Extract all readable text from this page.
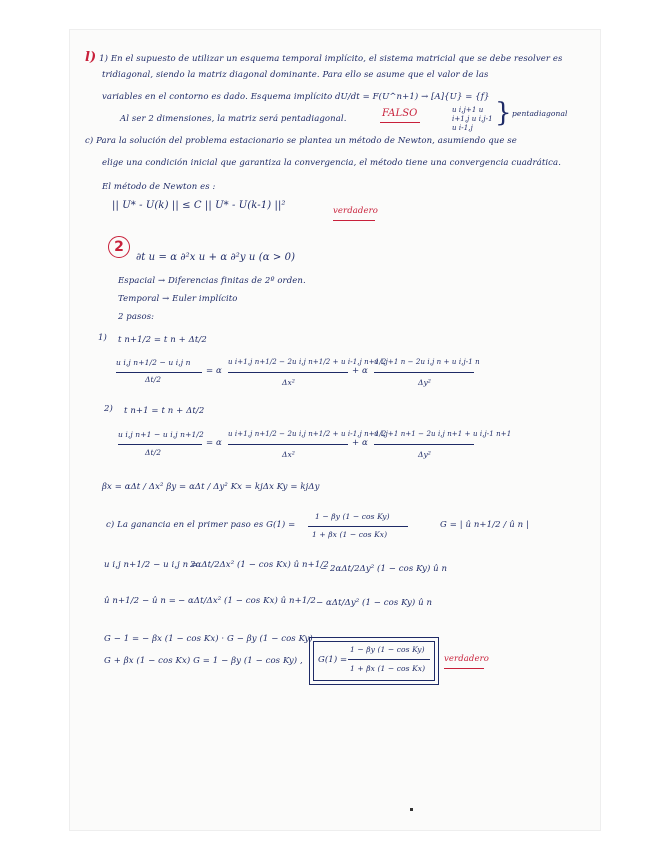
l) 1) En el supuesto de utilizar un esquema temporal implícito, el sistema matricial que se debe resolver es
tridiagonal, siendo la matriz diagonal dominante. Para ello se asume que el valor de las
variables en el contorno es dado. Esquema implícito dU/dt = F(U^n+1) → [A]{U} = {f}
Al ser 2 dimensiones, la matriz será pentadiagonal.	FALSO	u i,j+1 u i+1,j u i,j-1 u i-1,j } pentadiagonal
c) Para la solución del problema estacionario se plantea un método de Newton, asumiendo que se
elige una condición inicial que garantiza la convergencia, el método tiene una convergencia cuadrática.
El método de Newton es :
|| U* - U(k) || ≤ C || U* - U(k-1) ||²	verdadero
2
∂t u = α ∂²x u + α ∂²y u (α > 0)
Espacial → Diferencias finitas de 2º orden.
Temporal → Euler implícito
2 pasos:
1) t n+1/2 = t n + Δt/2
u i,j n+1/2 − u i,j n
Δt/2
= α
u i+1,j n+1/2 − 2u i,j n+1/2 + u i-1,j n+1/2
Δx²
+ α
u i,j+1 n − 2u i,j n + u i,j-1 n
Δy²
2) t n+1 = t n + Δt/2
u i,j n+1 − u i,j n+1/2
Δt/2
= α
u i+1,j n+1/2 − 2u i,j n+1/2 + u i-1,j n+1/2
Δx²
+ α
u i,j+1 n+1 − 2u i,j n+1 + u i,j-1 n+1
Δy²
βx = αΔt / Δx² βy = αΔt / Δy² Kx = kjΔx Ky = kjΔy
c) La ganancia en el primer paso es G(1) =
1 − βy (1 − cos Ky)
1 + βx (1 − cos Kx)
G = | û n+1/2 / û n |
u i,j n+1/2 − u i,j n =
2αΔt/2Δx² (1 − cos Kx) û n+1/2
− 2αΔt/2Δy² (1 − cos Ky) û n
û n+1/2 − û n = − αΔt/Δx² (1 − cos Kx) û n+1/2 − αΔt/Δy² (1 − cos Ky) û n
G − 1 = − βx (1 − cos Kx) · G − βy (1 − cos Ky)
G + βx (1 − cos Kx) G = 1 − βy (1 − cos Ky) , G(1) =
1 − βy (1 − cos Ky)
1 + βx (1 − cos Kx)
verdadero
